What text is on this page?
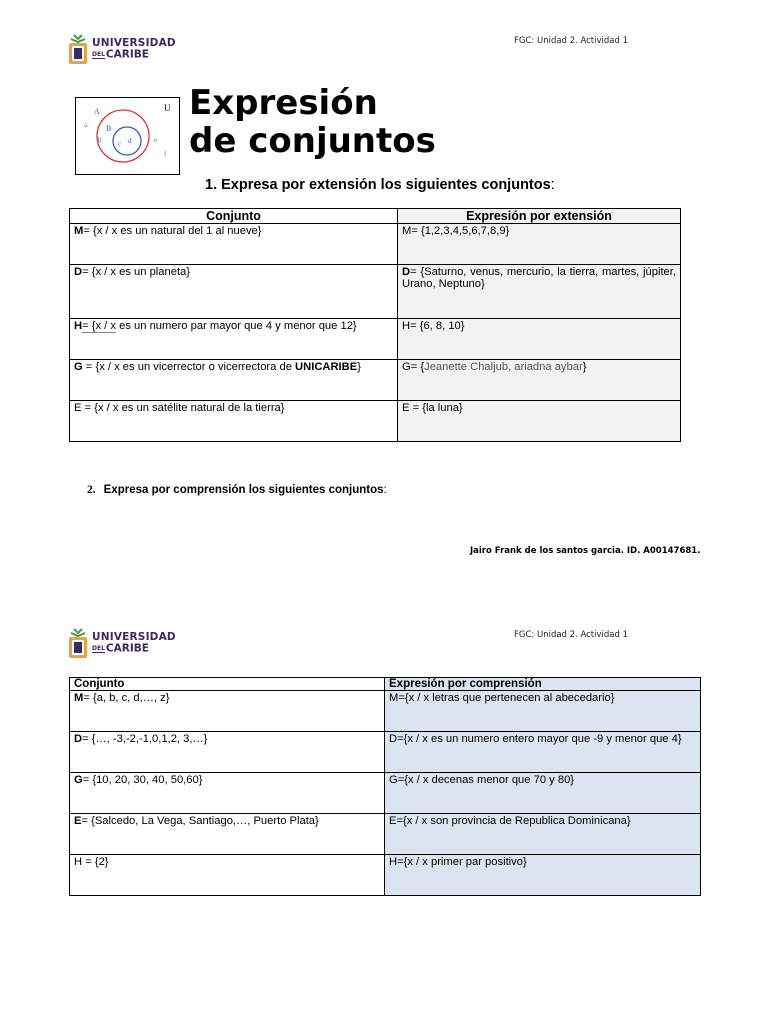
UNIVERSIDAD
DELCARIBE
FGC: Unidad 2. Actividad 1
A	U
B
a
b c d	e
f
Expresión
de conjuntos
1. Expresa por extensión los siguientes conjuntos:
Conjunto	Expresión por extensión
M= {x / x es un natural del 1 al nueve}	M= {1,2,3,4,5,6,7,8,9}
D= {x / x es un planeta}	D= {Saturno, venus, mercurio, la tierra, martes, júpiter, Urano, Neptuno}
H= {x / x es un numero par mayor que 4 y menor que 12}	H= {6, 8, 10}
G = {x / x es un vicerrector o vicerrectora de UNICARIBE}	G= {Jeanette Chaljub, ariadna aybar}
E = {x / x es un satélite natural de la tierra}	E = {la luna}
2. Expresa por comprensión los siguientes conjuntos:
Jairo Frank de los santos garcia. ID. A00147681.
UNIVERSIDAD
DELCARIBE
FGC: Unidad 2. Actividad 1
Conjunto	Expresión por comprensión
M= {a, b, c, d,…, z}	M={x / x letras que pertenecen al abecedario}
D= {…, -3,-2,-1,0,1,2, 3,…}	D={x / x es un numero entero mayor que -9 y menor que 4}
G= {10, 20, 30, 40, 50,60}	G={x / x decenas menor que 70 y 80}
E= {Salcedo, La Vega, Santiago,…, Puerto Plata}	E={x / x son provincia de Republica Dominicana}
H = {2}	H={x / x primer par positivo}
